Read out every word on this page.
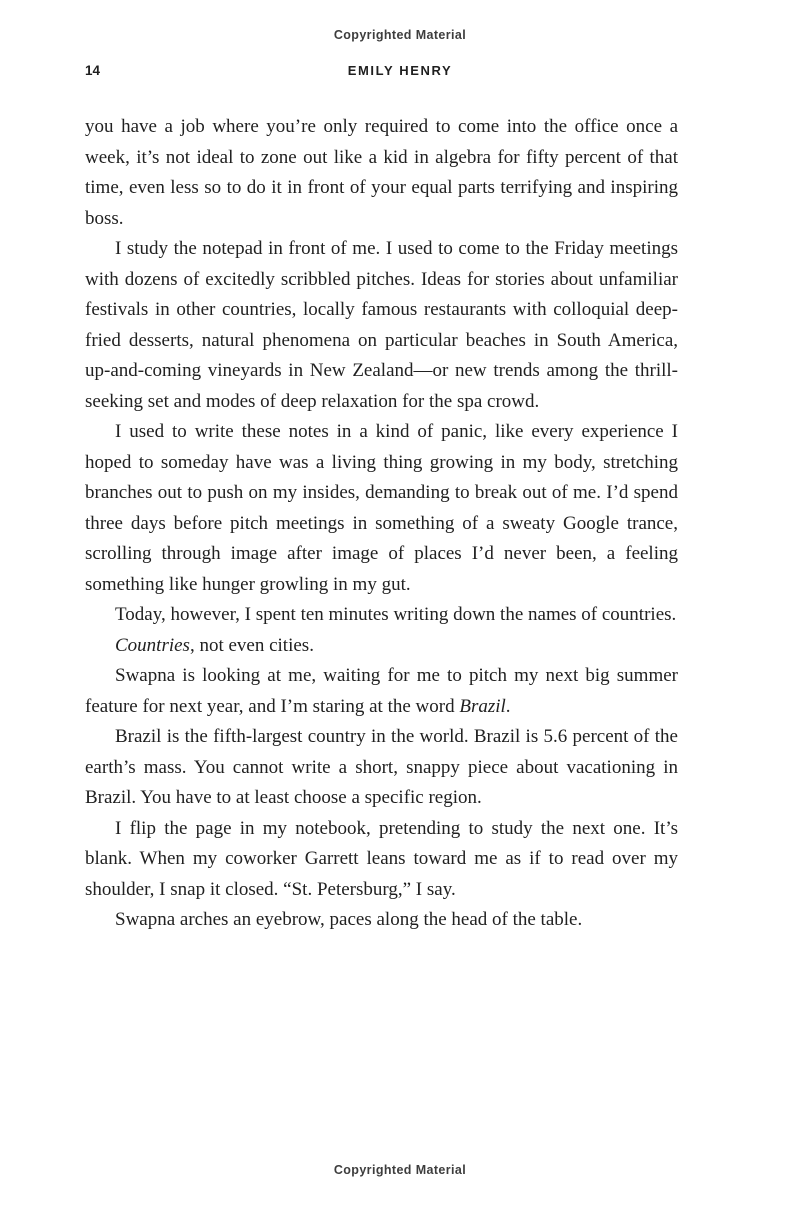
Copyrighted Material
14	EMILY HENRY

you have a job where you’re only required to come into the office once a week, it’s not ideal to zone out like a kid in algebra for fifty percent of that time, even less so to do it in front of your equal parts terrifying and inspiring boss.

I study the notepad in front of me. I used to come to the Friday meetings with dozens of excitedly scribbled pitches. Ideas for stories about unfamiliar festivals in other countries, locally famous restaurants with colloquial deep-fried desserts, natural phenomena on particular beaches in South America, up-and-coming vineyards in New Zealand—or new trends among the thrill-seeking set and modes of deep relaxation for the spa crowd.

I used to write these notes in a kind of panic, like every experience I hoped to someday have was a living thing growing in my body, stretching branches out to push on my insides, demanding to break out of me. I’d spend three days before pitch meetings in something of a sweaty Google trance, scrolling through image after image of places I’d never been, a feeling something like hunger growling in my gut.

Today, however, I spent ten minutes writing down the names of countries.

Countries, not even cities.

Swapna is looking at me, waiting for me to pitch my next big summer feature for next year, and I’m staring at the word Brazil.

Brazil is the fifth-largest country in the world. Brazil is 5.6 percent of the earth’s mass. You cannot write a short, snappy piece about vacationing in Brazil. You have to at least choose a specific region.

I flip the page in my notebook, pretending to study the next one. It’s blank. When my coworker Garrett leans toward me as if to read over my shoulder, I snap it closed. “St. Petersburg,” I say.

Swapna arches an eyebrow, paces along the head of the table.

Copyrighted Material
